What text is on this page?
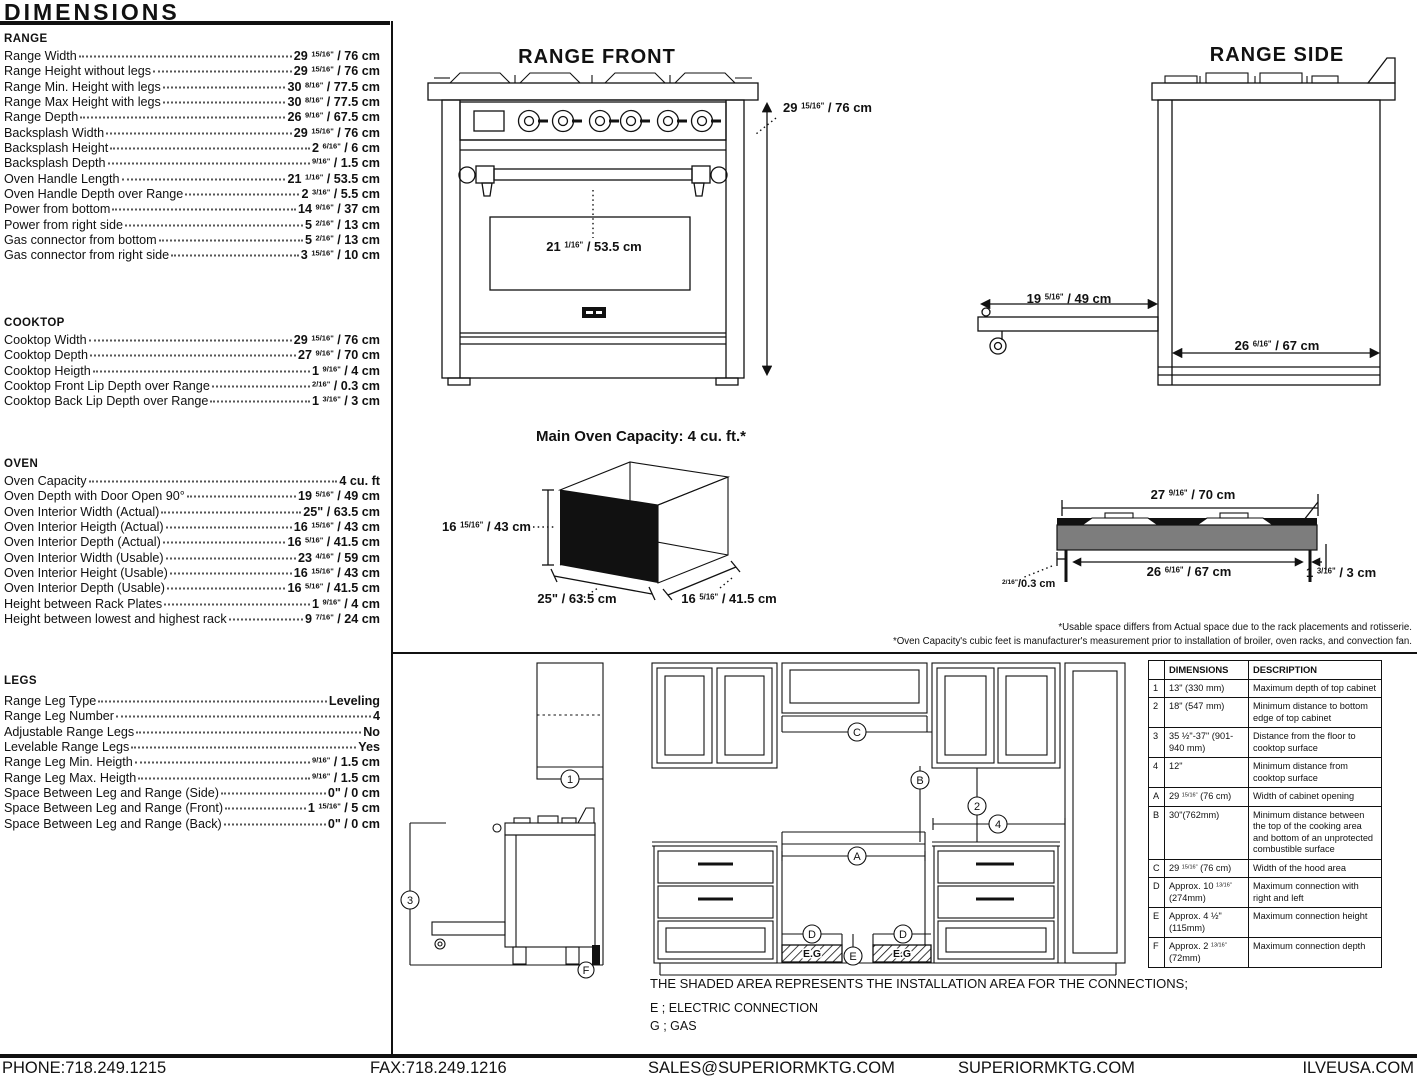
DIMENSIONS
RANGE
Range Width	29 $^{15/16"}$ / 76 cm
Range Height without legs	29 $^{15/16"}$ / 76 cm
Range Min. Height with legs	30 $^{8/16"}$ / 77.5 cm
Range Max Height with legs	30 $^{8/16"}$ / 77.5 cm
Range Depth	26 $^{9/16"}$ / 67.5 cm
Backsplash Width	29 $^{15/16"}$ / 76 cm
Backsplash Height	2 $^{6/16"}$ / 6 cm
Backsplash Depth	$^{9/16"}$ / 1.5 cm
Oven Handle Length	21 $^{1/16"}$ / 53.5 cm
Oven Handle Depth over Range	2 $^{3/16"}$ / 5.5 cm
Power from bottom	14 $^{9/16"}$ / 37 cm
Power from right side	5 $^{2/16"}$ / 13 cm
Gas connector from bottom	5 $^{2/16"}$ / 13 cm
Gas connector from right side	3 $^{15/16"}$ / 10 cm
COOKTOP
Cooktop Width	29 $^{15/16"}$ / 76 cm
Cooktop Depth	27 $^{9/16"}$ / 70 cm
Cooktop Heigth	1 $^{9/16"}$ / 4 cm
Cooktop Front Lip Depth over Range	$^{2/16"}$ / 0.3 cm
Cooktop Back Lip Depth over Range	1 $^{3/16"}$ / 3 cm
OVEN
Oven Capacity	4 cu. ft
Oven Depth with Door Open 90°	19 $^{5/16"}$ / 49 cm
Oven Interior Width (Actual)	25" / 63.5 cm
Oven Interior Heigth (Actual)	16 $^{15/16"}$ / 43 cm
Oven Interior Depth (Actual)	16 $^{5/16"}$ / 41.5 cm
Oven Interior Width (Usable)	23 $^{4/16"}$ / 59 cm
Oven Interior Height (Usable)	16 $^{15/16"}$ / 43 cm
Oven Interior Depth (Usable)	16 $^{5/16"}$ / 41.5 cm
Height between Rack Plates	1 $^{9/16"}$ / 4 cm
Height between lowest and highest rack	9 $^{7/16"}$ / 24 cm
LEGS
Range Leg Type	Leveling
Range Leg Number	4
Adjustable Range Legs	No
Levelable Range Legs	Yes
Range Leg Min. Heigth	$^{9/16"}$ / 1.5 cm
Range Leg Max. Heigth	$^{9/16"}$ / 1.5 cm
Space Between Leg and Range (Side)	0" / 0 cm
Space Between Leg and Range (Front)	1 $^{15/16"}$ / 5 cm
Space Between Leg and Range (Back)	0" / 0 cm
RANGE FRONT	RANGE SIDE
Main Oven Capacity: 4 cu. ft.*
29 $^{15/16"}$ / 76 cm
21 $^{1/16"}$ / 53.5 cm
19 $^{5/16"}$ / 49 cm
26 $^{6/16"}$ / 67 cm
16 $^{15/16"}$ / 43 cm
25" / 63.5 cm	16 $^{5/16"}$ / 41.5 cm
27 $^{9/16"}$ / 70 cm
26 $^{6/16"}$ / 67 cm	1 $^{3/16"}$ / 3 cm
$^{2/16"}$/0.3 cm
*Usable space differs from Actual space due to the rack placements and rotisserie.
*Oven Capacity's cubic feet is manufacturer's measurement prior to installation of broiler, oven racks, and convection fan.
1
3
F
C
B
2
4
A
D	D
E
E.G	E.G
THE SHADED AREA REPRESENTS THE INSTALLATION AREA FOR THE CONNECTIONS;
E ; ELECTRIC CONNECTION
G ; GAS
	DIMENSIONS	DESCRIPTION
1	13" (330 mm)	Maximum depth of top cabinet
2	18" (547 mm)	Minimum distance to bottom edge of top cabinet
3	35 ½"-37" (901-940 mm)	Distance from the floor to cooktop surface
4	12"	Minimum distance from cooktop surface
A	29 $^{15/16"}$ (76 cm)	Width of cabinet opening
B	30"(762mm)	Minimum distance between the top of the cooking area and bottom of an unprotected combustible surface
C	29 $^{15/16"}$ (76 cm)	Width of the hood area
D	Approx. 10 $^{13/16"}$ (274mm)	Maximum connection with right and left
E	Approx. 4 ½" (115mm)	Maximum connection height
F	Approx. 2 $^{13/16"}$ (72mm)	Maximum connection depth
PHONE:718.249.1215	FAX:718.249.1216	SALES@SUPERIORMKTG.COM	SUPERIORMKTG.COM	ILVEUSA.COM
